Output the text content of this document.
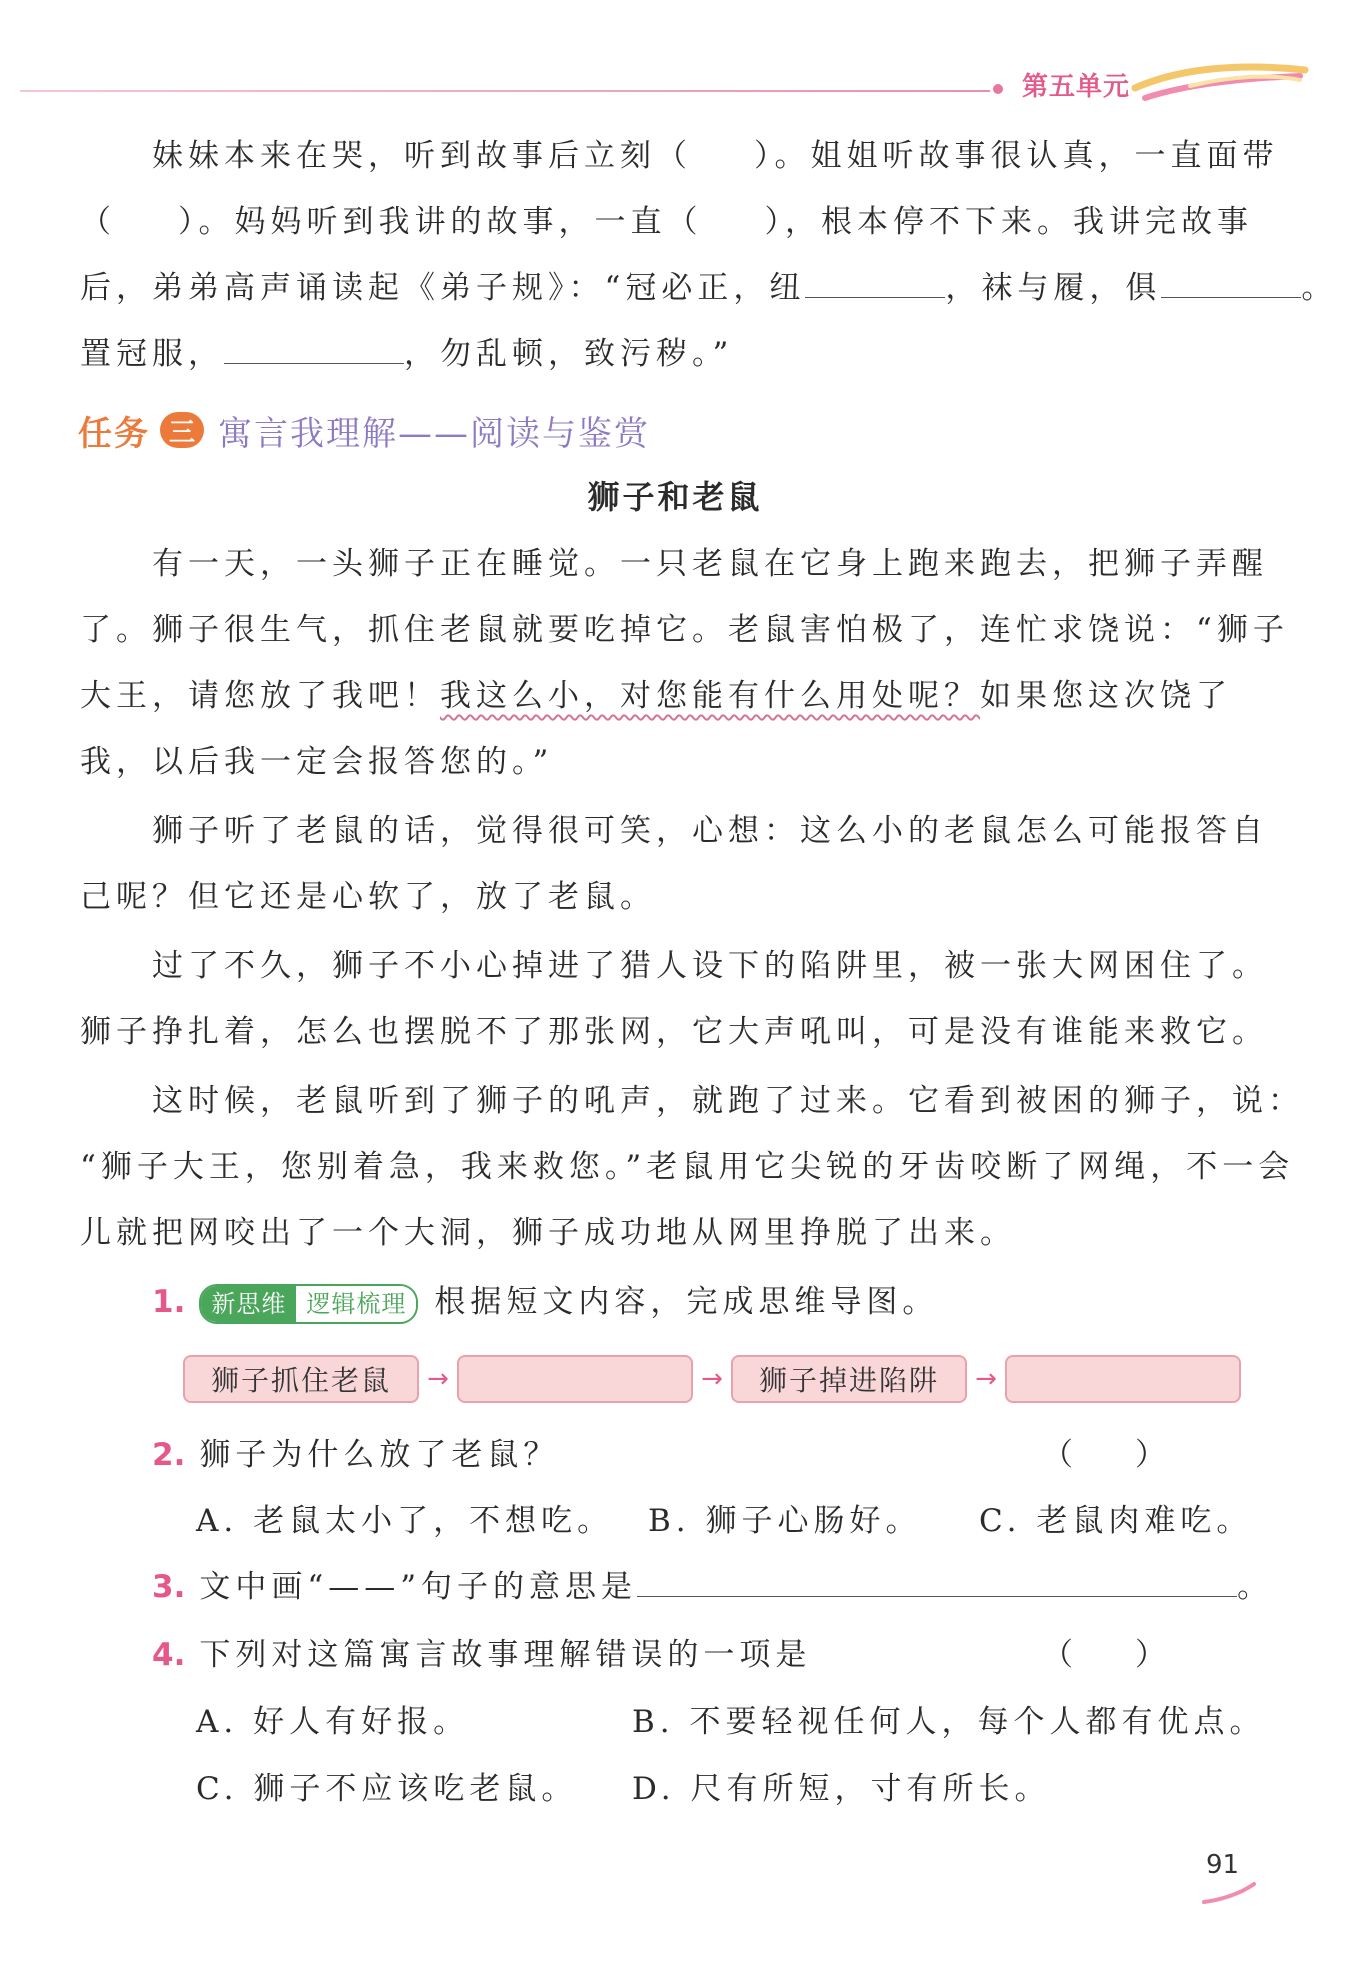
第五单元
妹妹本来在哭，听到故事后立刻（ ）。姐姐听故事很认真，一直面带
（ ）。妈妈听到我讲的故事，一直（ ），根本停不下来。我讲完故事
后，弟弟高声诵读起《弟子规》：“冠必正，纽	，袜与履，俱	。
置冠服，	，勿乱顿，致污秽。”
任务 三 寓言我理解——阅读与鉴赏
狮子和老鼠
有一天，一头狮子正在睡觉。一只老鼠在它身上跑来跑去，把狮子弄醒
了。狮子很生气，抓住老鼠就要吃掉它。老鼠害怕极了，连忙求饶说：“狮子
大王，请您放了我吧！我这么小，对您能有什么用处呢？如果您这次饶了
我，以后我一定会报答您的。”
狮子听了老鼠的话，觉得很可笑，心想：这么小的老鼠怎么可能报答自
己呢？但它还是心软了，放了老鼠。
过了不久，狮子不小心掉进了猎人设下的陷阱里，被一张大网困住了。
狮子挣扎着，怎么也摆脱不了那张网，它大声吼叫，可是没有谁能来救它。
这时候，老鼠听到了狮子的吼声，就跑了过来。它看到被困的狮子，说：
“狮子大王，您别着急，我来救您。”老鼠用它尖锐的牙齿咬断了网绳，不一会
儿就把网咬出了一个大洞，狮子成功地从网里挣脱了出来。
1.	新思维 逻辑梳理 根据短文内容，完成思维导图。
狮子抓住老鼠	→	→	狮子掉进陷阱	→
2. 狮子为什么放了老鼠？	（　　）
A. 老鼠太小了，不想吃。 B. 狮子心肠好。 C. 老鼠肉难吃。
3. 文中画“——”句子的意思是	。
4. 下列对这篇寓言故事理解错误的一项是	（　　）
A. 好人有好报。	B. 不要轻视任何人，每个人都有优点。
C. 狮子不应该吃老鼠。 D. 尺有所短，寸有所长。
91
